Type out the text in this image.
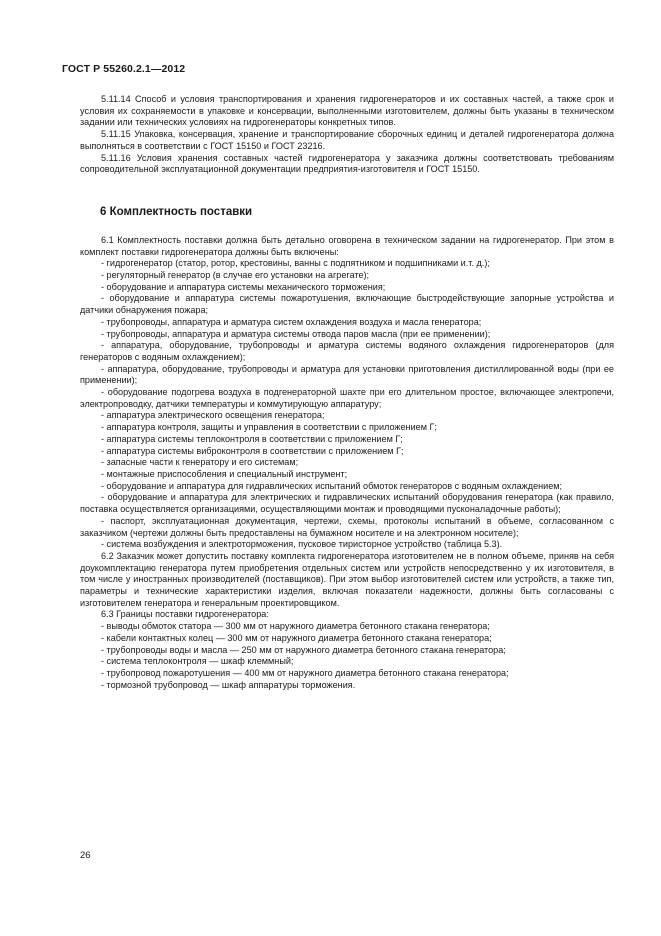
ГОСТ Р 55260.2.1—2012

5.11.14 Способ и условия транспортирования и хранения гидрогенераторов и их составных частей, а также срок и условия их сохраняемости в упаковке и консервации, выполненными изготовителем, должны быть указаны в техническом задании или технических условиях на гидрогенераторы конкретных типов.

5.11.15 Упаковка, консервация, хранение и транспортирование сборочных единиц и деталей гидрогенератора должна выполняться в соответствии с ГОСТ 15150 и ГОСТ 23216.

5.11.16 Условия хранения составных частей гидрогенератора у заказчика должны соответствовать требованиям сопроводительной эксплуатационной документации предприятия-изготовителя и ГОСТ 15150.

6 Комплектность поставки

6.1 Комплектность поставки должна быть детально оговорена в техническом задании на гидрогенератор. При этом в комплект поставки гидрогенератора должны быть включены:

- гидрогенератор (статор, ротор, крестовины, ванны с подпятником и подшипниками и.т. д.);

- регуляторный генератор (в случае его установки на агрегате);

- оборудование и аппаратура системы механического торможения;

- оборудование и аппаратура системы пожаротушения, включающие быстродействующие запорные устройства и датчики обнаружения пожара;

- трубопроводы, аппаратура и арматура систем охлаждения воздуха и масла генератора;

- трубопроводы, аппаратура и арматура системы отвода паров масла (при ее применении);

- аппаратура, оборудование, трубопроводы и арматура системы водяного охлаждения гидрогенераторов (для генераторов с водяным охлаждением);

- аппаратура, оборудование, трубопроводы и арматура для установки приготовления дистиллированной воды (при ее применении);

- оборудование подогрева воздуха в подгенераторной шахте при его длительном простое, включающее электропечи, электропроводку, датчики температуры и коммутирующую аппаратуру;

- аппаратура электрического освещения генератора;

- аппаратура контроля, защиты и управления в соответствии с приложением Г;

- аппаратура системы теплоконтроля в соответствии с приложением Г;

- аппаратура системы виброконтроля в соответствии с приложением Г;

- запасные части к генератору и его системам;

- монтажные приспособления и специальный инструмент;

- оборудование и аппаратура для гидравлических испытаний обмоток генераторов с водяным охлаждением;

- оборудование и аппаратура для электрических и гидравлических испытаний оборудования генератора (как правило, поставка осуществляется организациями, осуществляющими монтаж и проводящими пусконаладочные работы);

- паспорт, эксплуатационная документация, чертежи, схемы, протоколы испытаний в объеме, согласованном с заказчиком (чертежи должны быть предоставлены на бумажном носителе и на электронном носителе);

- система возбуждения и электроторможения, пусковое тиристорное устройство (таблица 5.3).

6.2 Заказчик может допустить поставку комплекта гидрогенератора изготовителем не в полном объеме, приняв на себя доукомплектацию генератора путем приобретения отдельных систем или устройств непосредственно у их изготовителя, в том числе у иностранных производителей (поставщиков). При этом выбор изготовителей систем или устройств, а также тип, параметры и технические характеристики изделия, включая показатели надежности, должны быть согласованы с изготовителем генератора и генеральным проектировщиком.

6.3 Границы поставки гидрогенератора:

- выводы обмоток статора — 300 мм от наружного диаметра бетонного стакана генератора;

- кабели контактных колец — 300 мм от наружного диаметра бетонного стакана генератора;

- трубопроводы воды и масла — 250 мм от наружного диаметра бетонного стакана генератора;

- система теплоконтроля — шкаф клеммный;

- трубопровод пожаротушения — 400 мм от наружного диаметра бетонного стакана генератора;

- тормозной трубопровод — шкаф аппаратуры торможения.

26
